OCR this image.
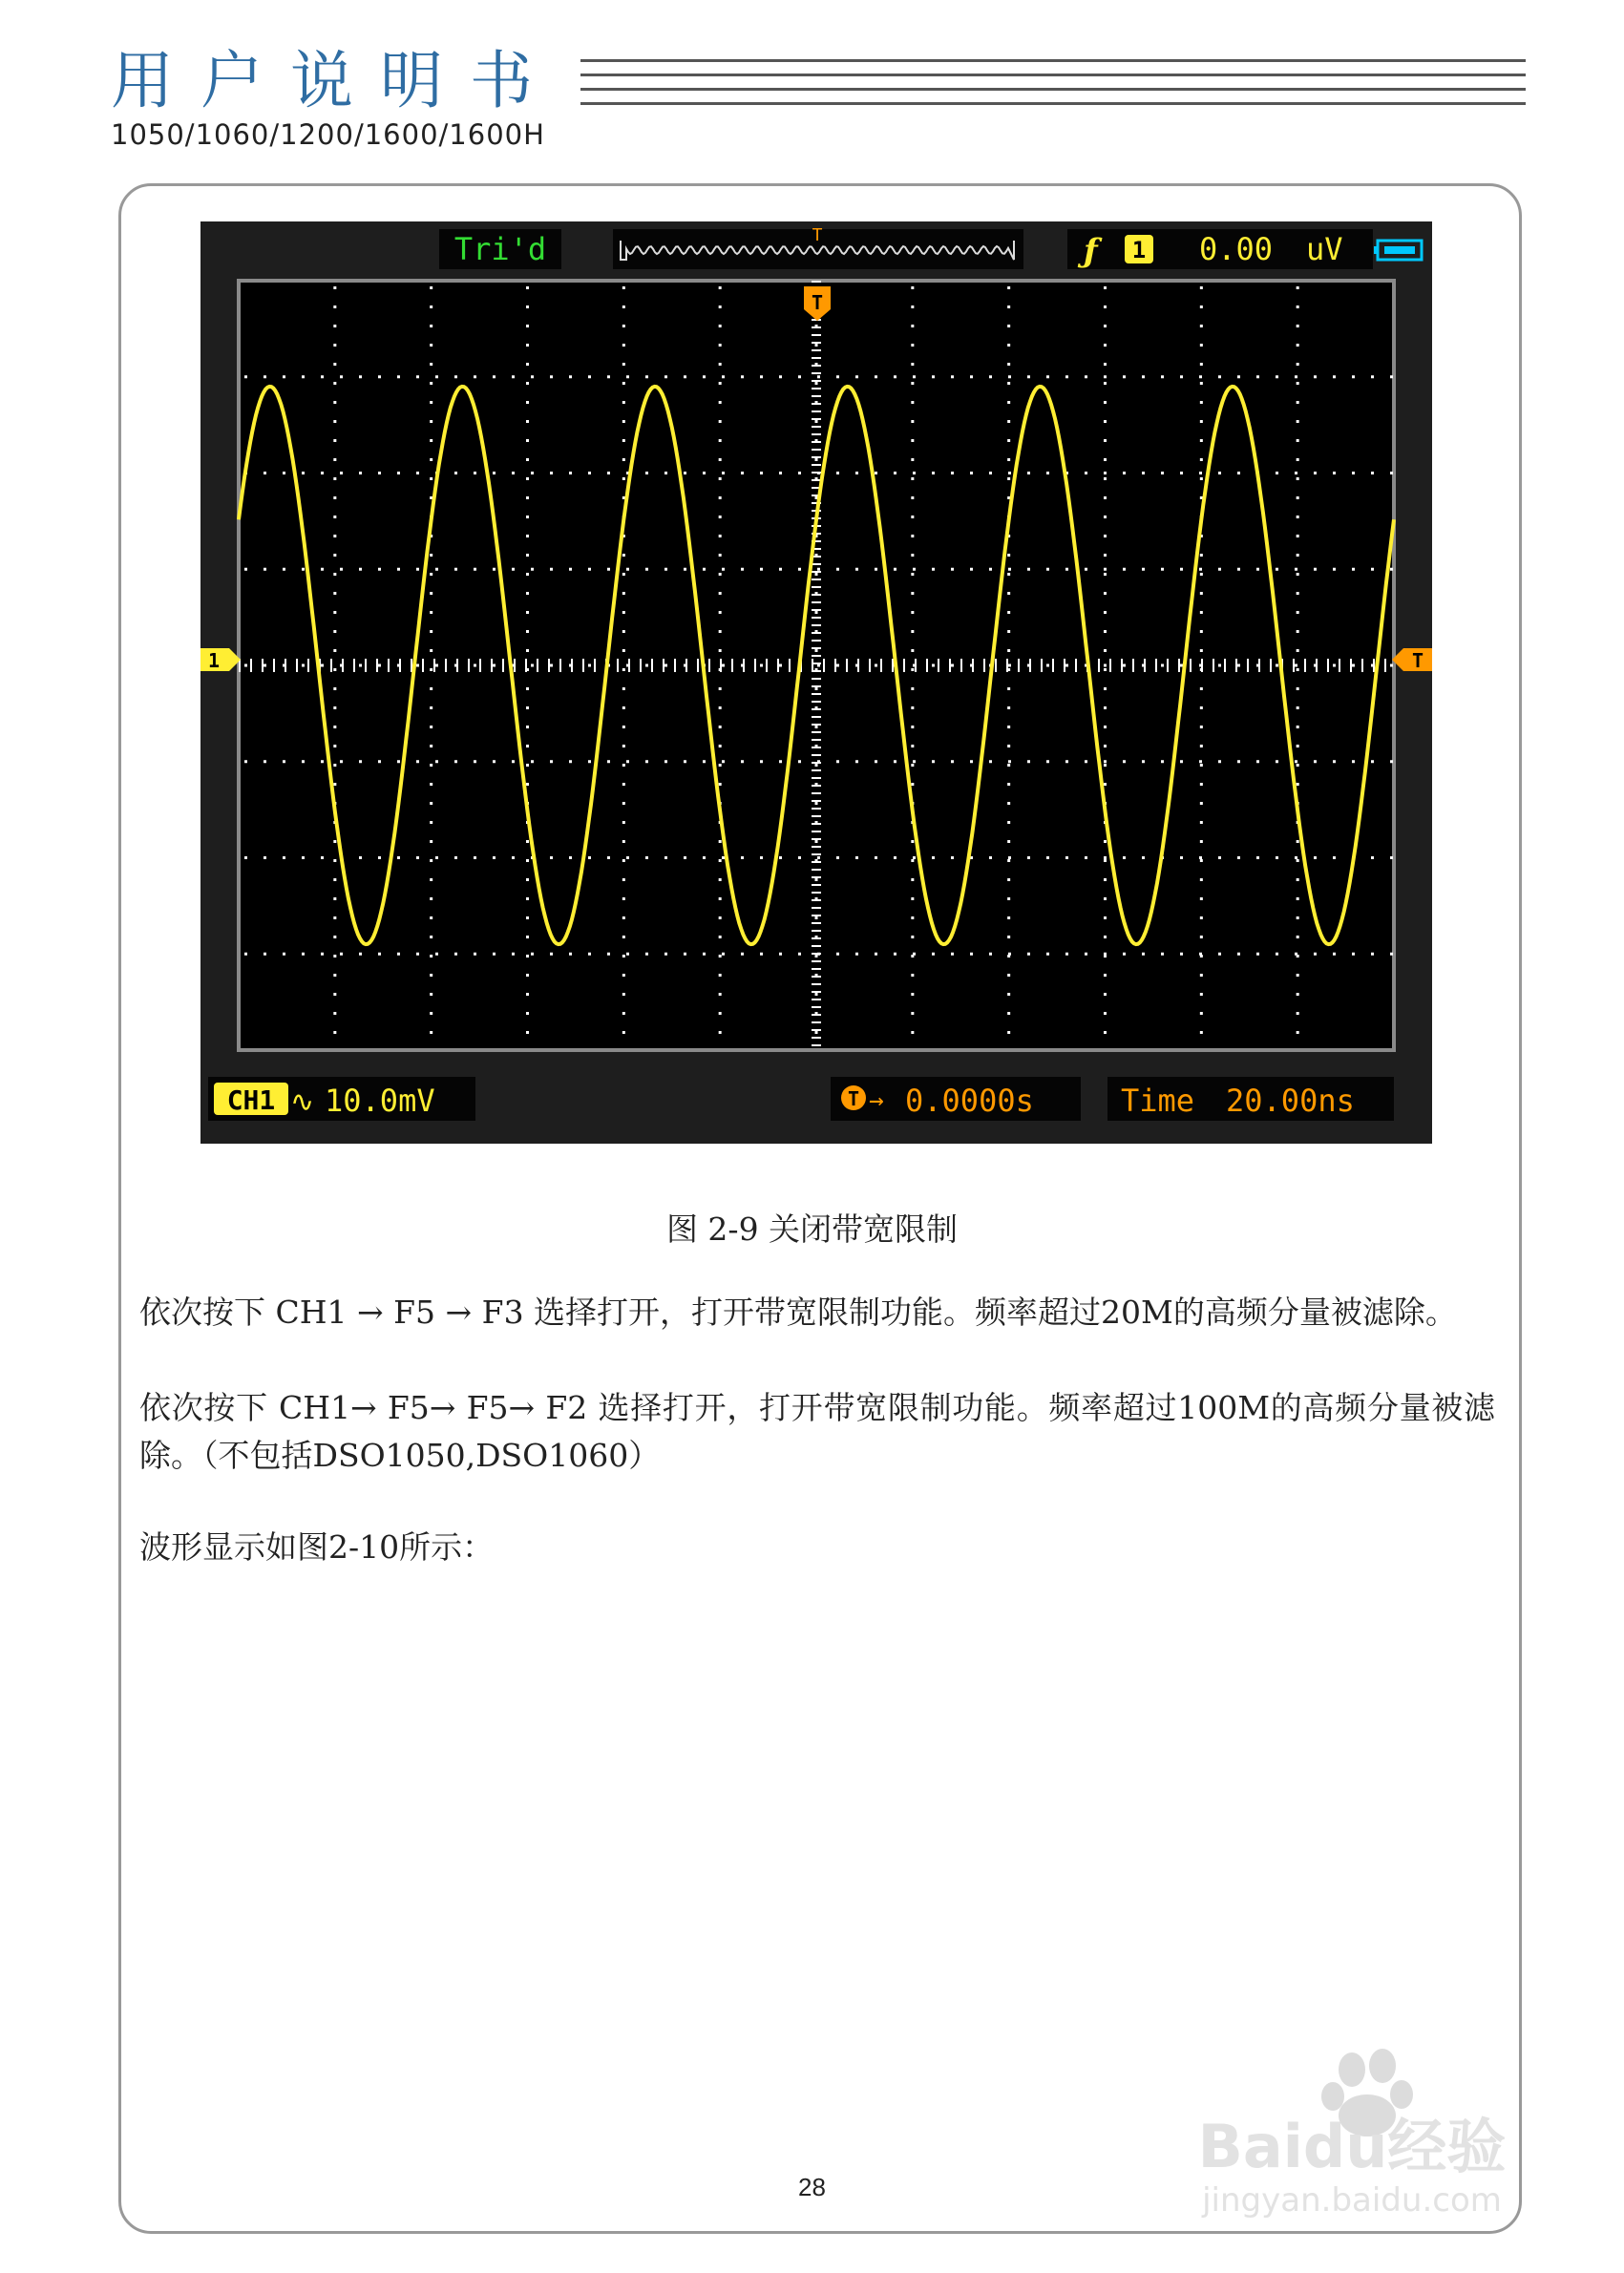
用户说明书
1050/1060/1200/1600/1600H
Tri'd	T	ƒ 1 0.00 uV
T
1	T
CH1 ∿ 10.0mV	T → 0.0000s	Time 20.00ns
图 2-9 关闭带宽限制
依次按下 CH1 → F5 → F3 选择打开，打开带宽限制功能。频率超过20M的高频分量被滤除。
依次按下 CH1→ F5→ F5→ F2 选择打开，打开带宽限制功能。频率超过100M的高频分量被滤除。（不包括DSO1050,DSO1060）
波形显示如图2-10所示：
28
Baidu经验
jingyan.baidu.com
